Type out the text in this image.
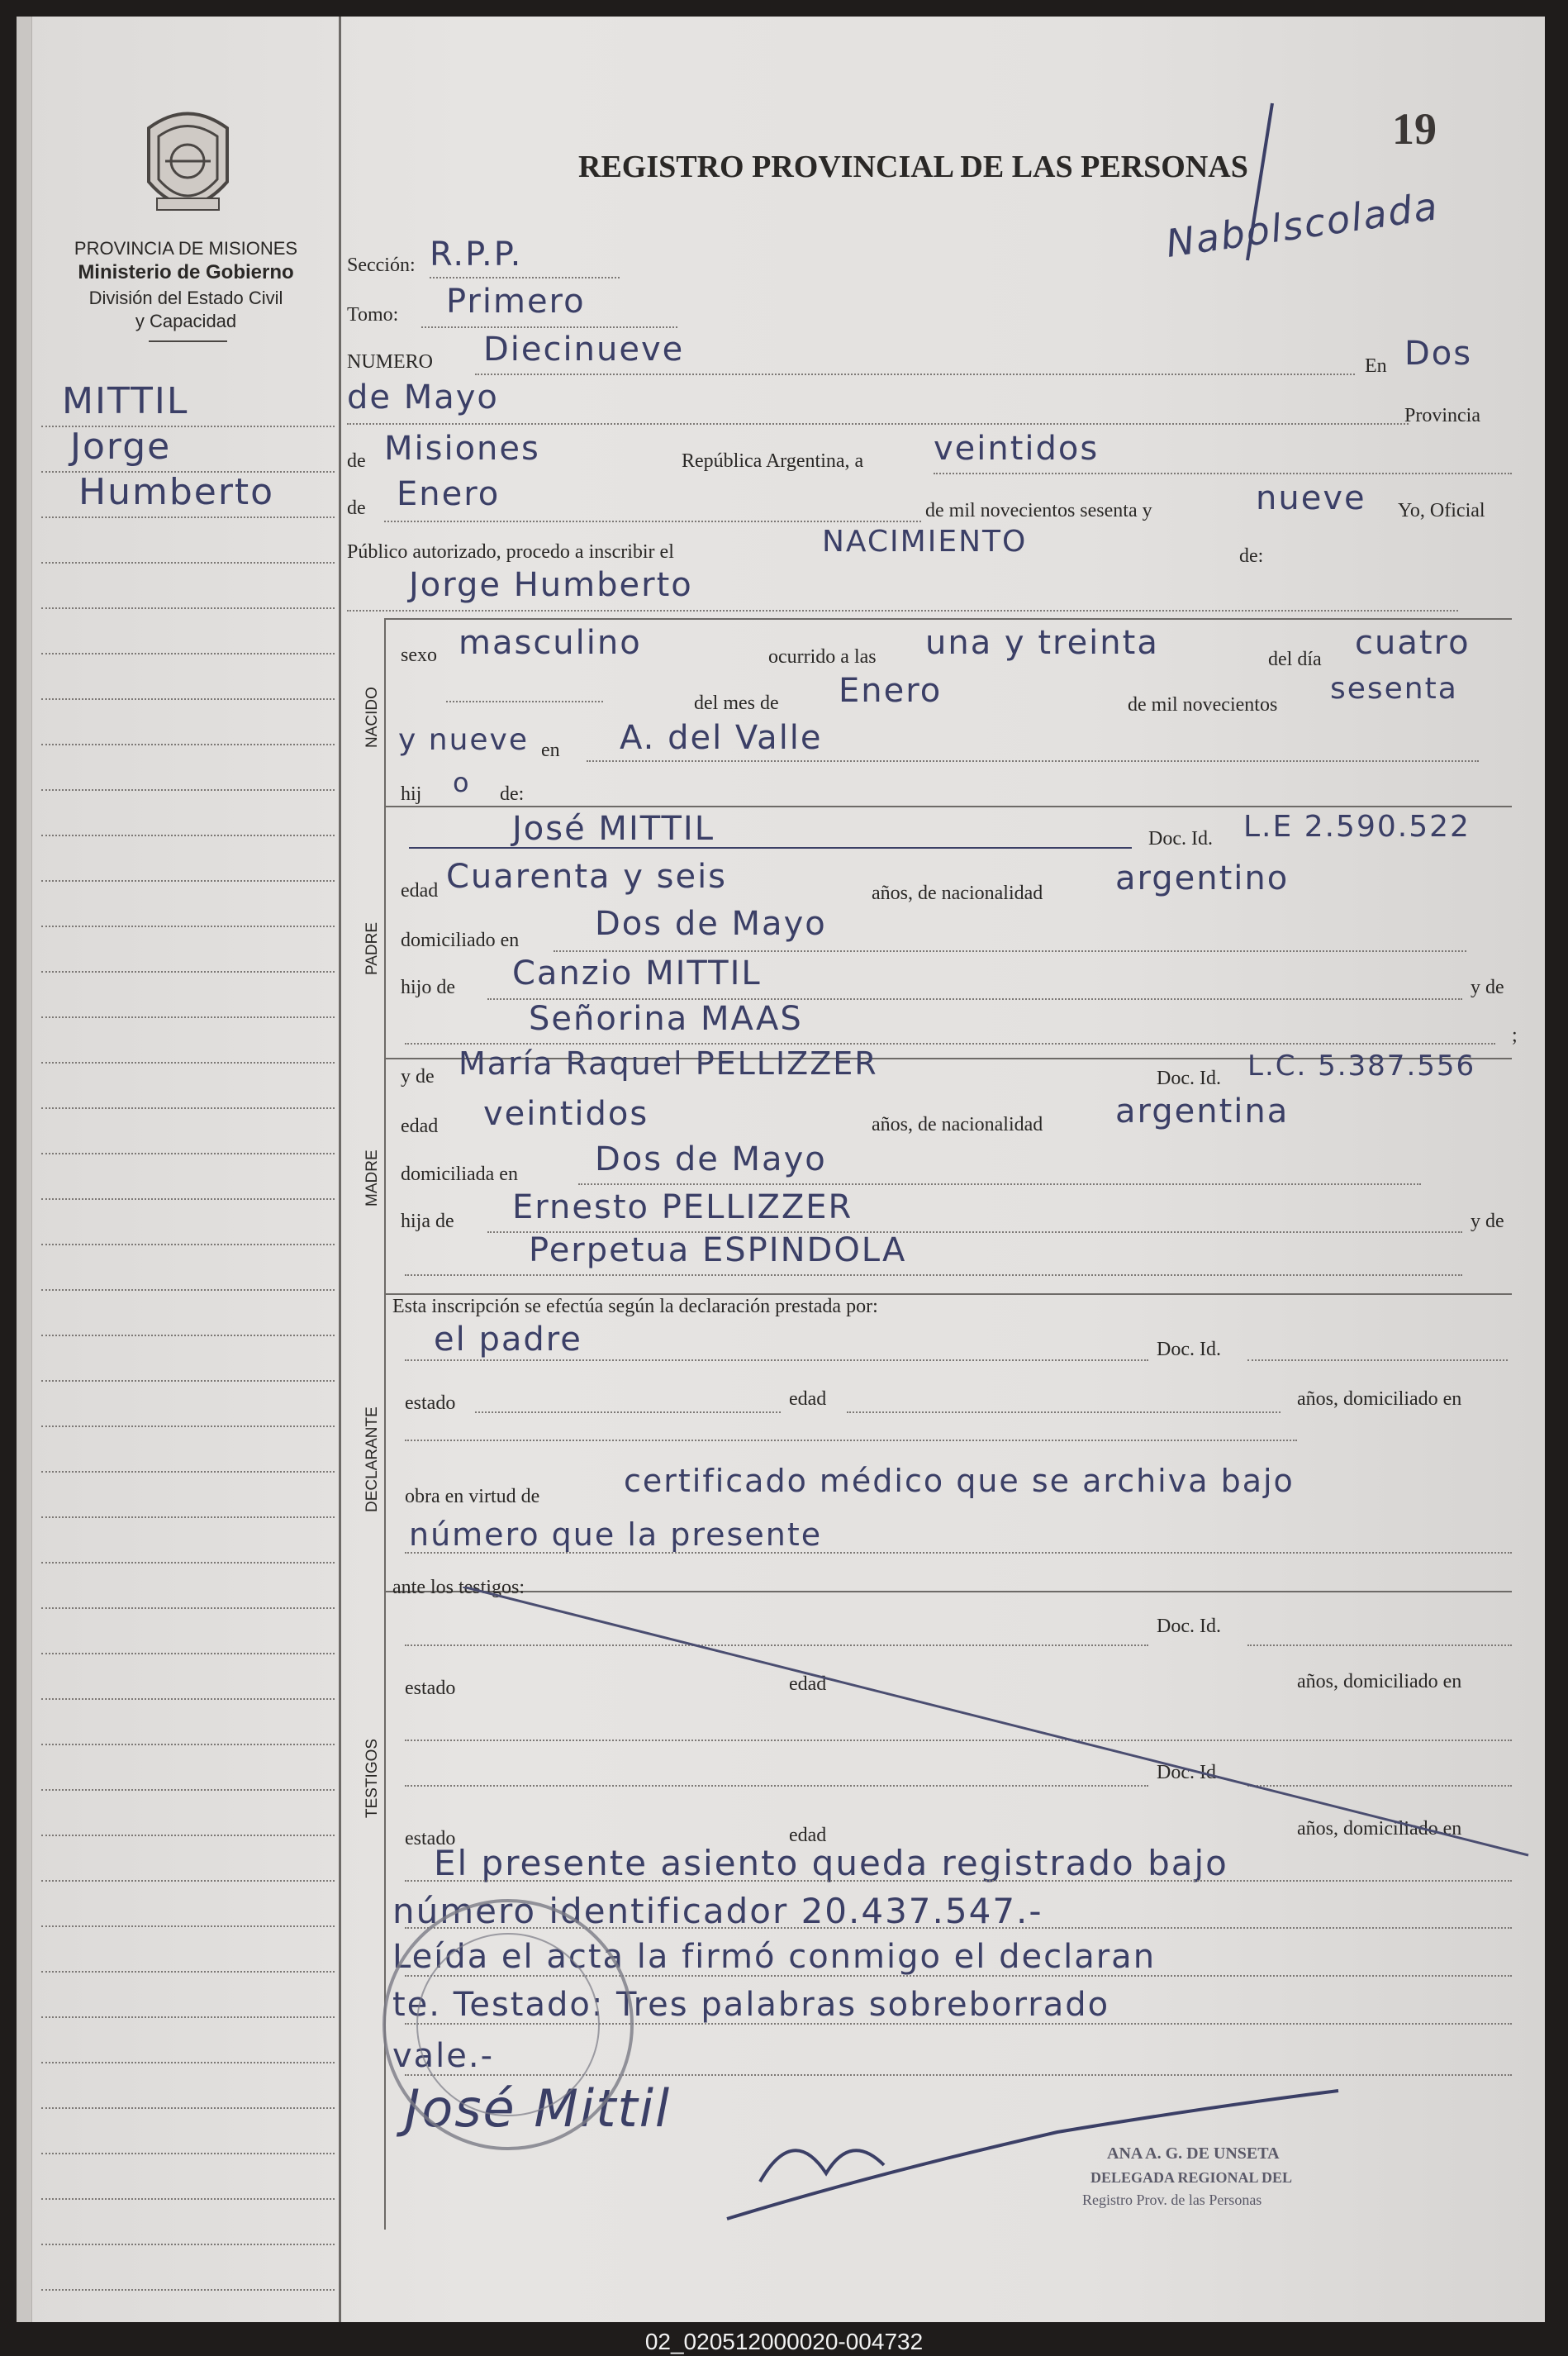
PROVINCIA DE MISIONES
Ministerio de Gobierno
División del Estado Civil
y Capacidad
MITTIL
Jorge
Humberto
REGISTRO PROVINCIAL DE LAS PERSONAS
19
Nabolscolada
Sección: R.P.P.
Tomo: Primero
NUMERO Diecinueve	En Dos
de Mayo	Provincia
de Misiones	República Argentina, a veintidos
de Enero	de mil novecientos sesenta y	nueve Yo, Oficial
Público autorizado, procedo a inscribir el	NACIMIENTO	de:
Jorge Humberto
NACIDO
sexo masculino	ocurrido a las una y treinta	del día cuatro
del mes de Enero	de mil novecientos sesenta
y nueve en A. del Valle
hij o de:
PADRE
José MITTIL	Doc. Id. L.E 2.590.522
edad Cuarenta y seis	años, de nacionalidad argentino
domiciliado en Dos de Mayo
hijo de Canzio MITTIL	y de
Señorina MAAS	;
MADRE
y de María Raquel PELLIZZER	Doc. Id. L.C. 5.387.556
edad veintidos	años, de nacionalidad argentina
domiciliada en Dos de Mayo
hija de Ernesto PELLIZZER	y de
Perpetua ESPINDOLA
Esta inscripción se efectúa según la declaración prestada por:
DECLARANTE
el padre	Doc. Id.
estado	edad	años, domiciliado en
obra en virtud de	certificado médico que se archiva bajo
número que la presente
ante los testigos:
TESTIGOS
Doc. Id.
estado	edad	años, domiciliado en
Doc. Id.
estado	edad	años, domiciliado en
El presente asiento queda registrado bajo
número identificador 20.437.547.-
Leída el acta la firmó conmigo el declaran
te. Testado: Tres palabras sobreborrado
vale.-
José Mittil
ANA A. G. DE UNSETA
DELEGADA REGIONAL DEL
Registro Prov. de las Personas
02_020512000020-004732
